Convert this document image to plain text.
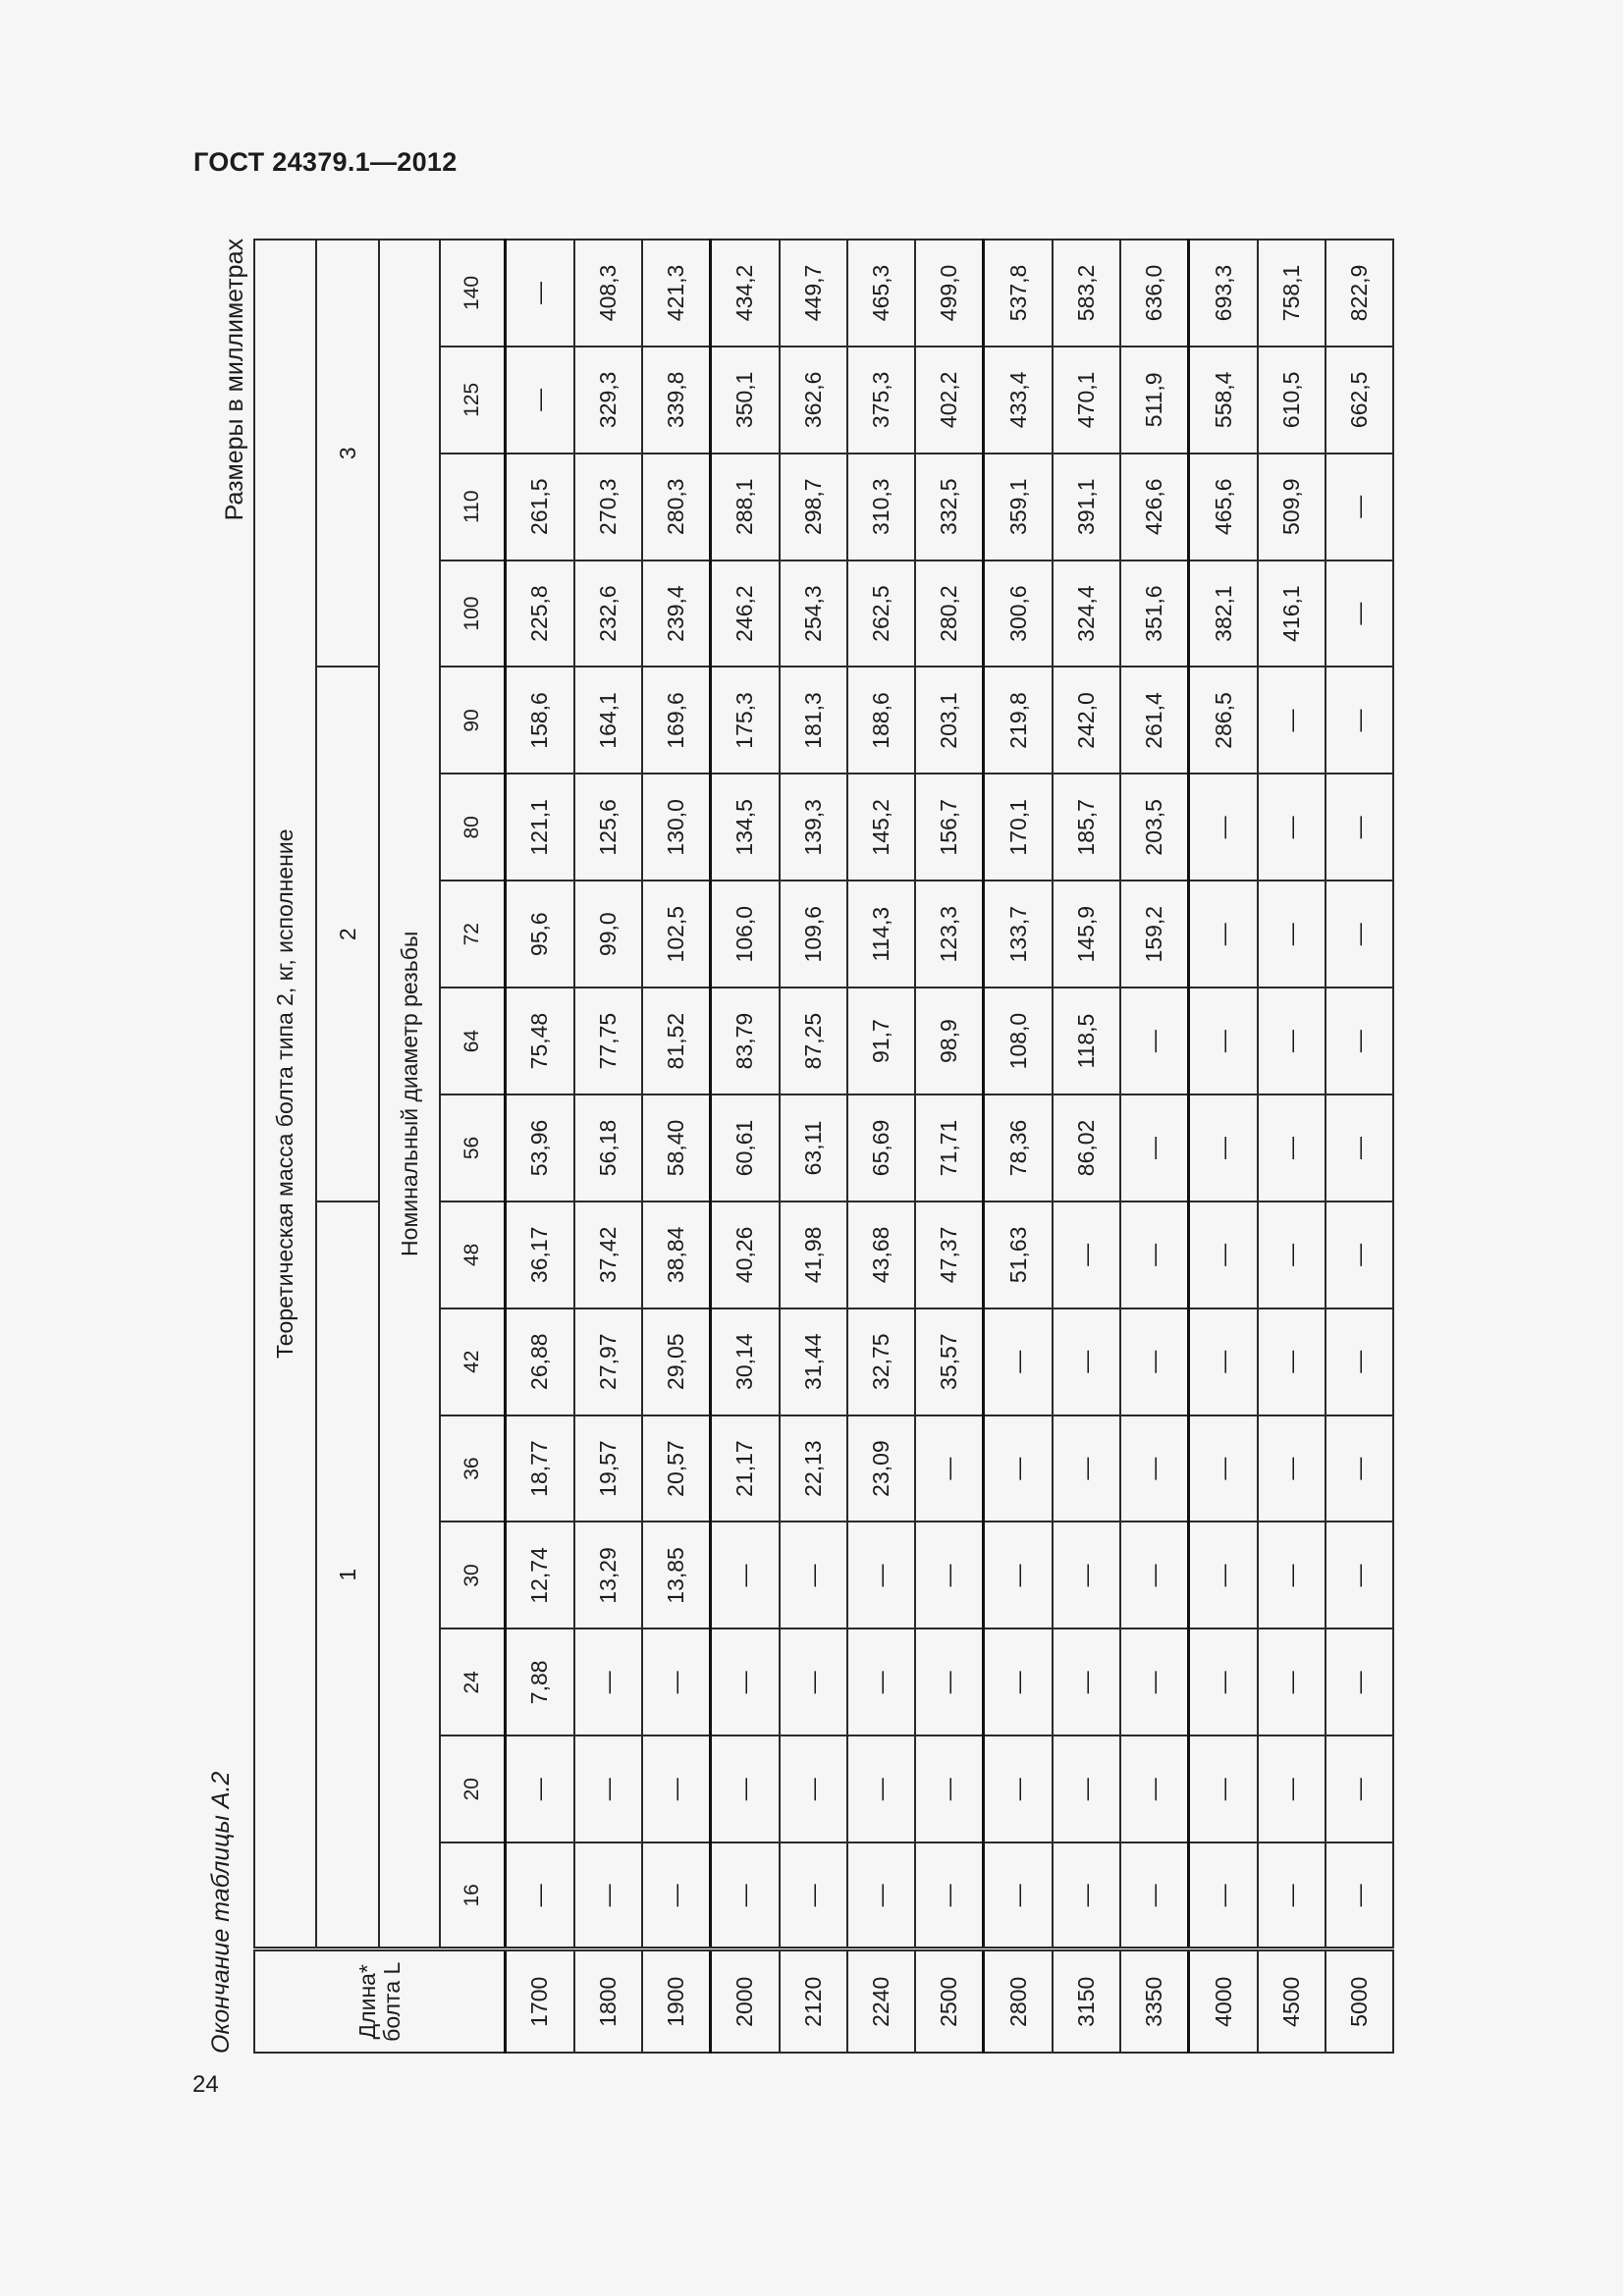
ГОСТ 24379.1—2012
24
Окончание таблицы А.2
Размеры в миллиметрах
Длина*
болта L	Теоретическая масса болта типа 2, кг, исполнение															
	1							2					3			
	Номинальный диаметр резьбы															
	16	20	24	30	36	42	48	56	64	72	80	90	100	110	125	140
1700	—	—	7,88	12,74	18,77	26,88	36,17	53,96	75,48	95,6	121,1	158,6	225,8	261,5	—	—
1800	—	—	—	13,29	19,57	27,97	37,42	56,18	77,75	99,0	125,6	164,1	232,6	270,3	329,3	408,3
1900	—	—	—	13,85	20,57	29,05	38,84	58,40	81,52	102,5	130,0	169,6	239,4	280,3	339,8	421,3
2000	—	—	—	—	21,17	30,14	40,26	60,61	83,79	106,0	134,5	175,3	246,2	288,1	350,1	434,2
2120	—	—	—	—	22,13	31,44	41,98	63,11	87,25	109,6	139,3	181,3	254,3	298,7	362,6	449,7
2240	—	—	—	—	23,09	32,75	43,68	65,69	91,7	114,3	145,2	188,6	262,5	310,3	375,3	465,3
2500	—	—	—	—	—	35,57	47,37	71,71	98,9	123,3	156,7	203,1	280,2	332,5	402,2	499,0
2800	—	—	—	—	—	—	51,63	78,36	108,0	133,7	170,1	219,8	300,6	359,1	433,4	537,8
3150	—	—	—	—	—	—	—	86,02	118,5	145,9	185,7	242,0	324,4	391,1	470,1	583,2
3350	—	—	—	—	—	—	—	—	—	159,2	203,5	261,4	351,6	426,6	511,9	636,0
4000	—	—	—	—	—	—	—	—	—	—	—	286,5	382,1	465,6	558,4	693,3
4500	—	—	—	—	—	—	—	—	—	—	—	—	416,1	509,9	610,5	758,1
5000	—	—	—	—	—	—	—	—	—	—	—	—	—	—	662,5	822,9
